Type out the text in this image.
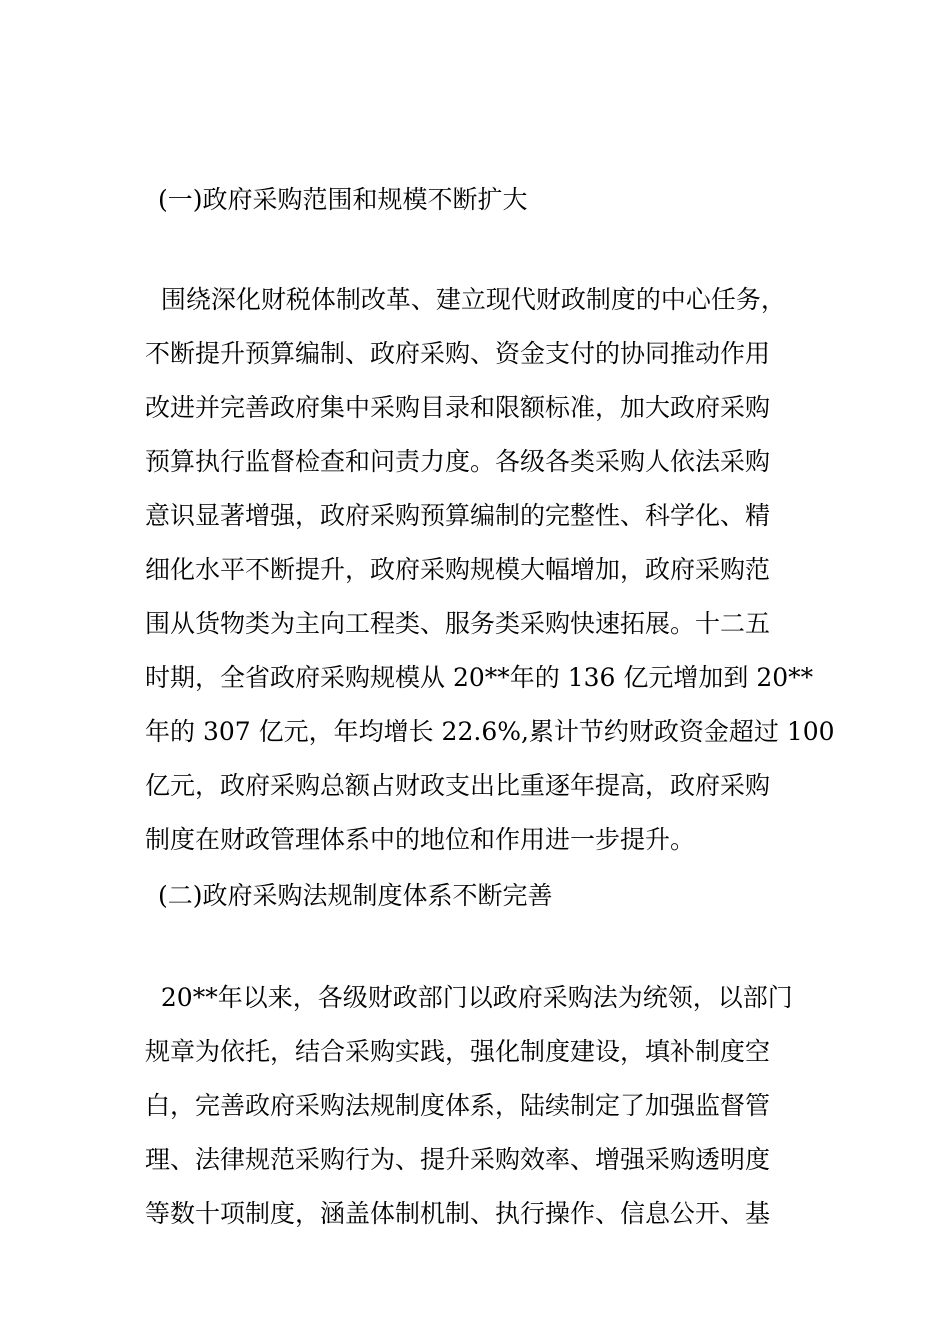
(一)政府采购范围和规模不断扩大
围绕深化财税体制改革、建立现代财政制度的中心任务，
不断提升预算编制、政府采购、资金支付的协同推动作用
改进并完善政府集中采购目录和限额标准，加大政府采购
预算执行监督检查和问责力度。各级各类采购人依法采购
意识显著增强，政府采购预算编制的完整性、科学化、精
细化水平不断提升，政府采购规模大幅增加，政府采购范
围从货物类为主向工程类、服务类采购快速拓展。十二五
时期，全省政府采购规模从 20**年的 136 亿元增加到 20**
年的 307 亿元，年均增长 22.6%,累计节约财政资金超过 100
亿元，政府采购总额占财政支出比重逐年提高，政府采购
制度在财政管理体系中的地位和作用进一步提升。
(二)政府采购法规制度体系不断完善
20**年以来，各级财政部门以政府采购法为统领，以部门
规章为依托，结合采购实践，强化制度建设，填补制度空
白，完善政府采购法规制度体系，陆续制定了加强监督管
理、法律规范采购行为、提升采购效率、增强采购透明度
等数十项制度，涵盖体制机制、执行操作、信息公开、基
